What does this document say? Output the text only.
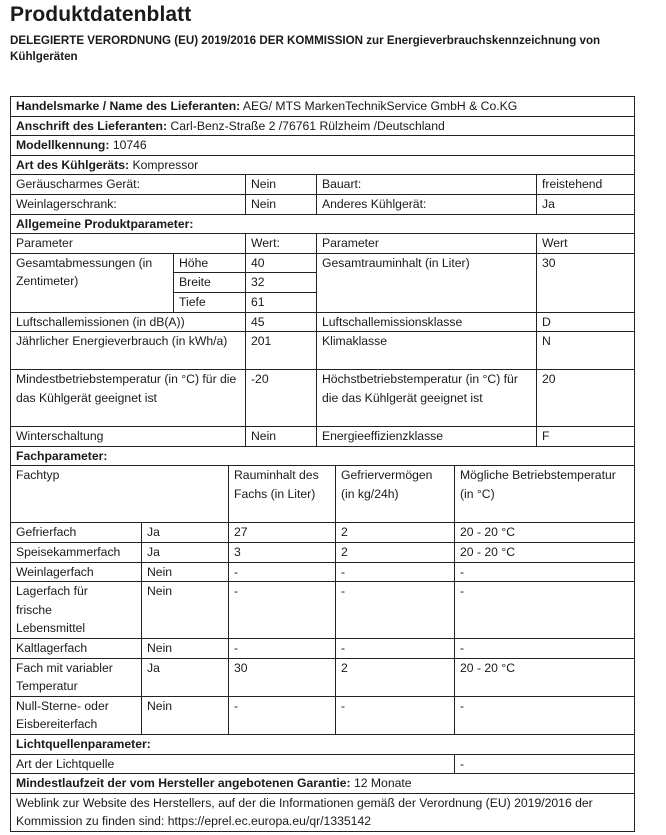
Produktdatenblatt
DELEGIERTE VERORDNUNG (EU) 2019/2016 DER KOMMISSION zur Energieverbrauchskennzeichnung von Kühlgeräten
Handelsmarke / Name des Lieferanten: AEG/ MTS MarkenTechnikService GmbH & Co.KG								
Anschrift des Lieferanten: Carl-Benz-Straße 2 /76761 Rülzheim /Deutschland								
Modellkennung: 10746								
Art des Kühlgeräts: Kompressor								
Geräuscharmes Gerät:				Nein	Bauart:			freistehend
Weinlagerschrank:				Nein	Anderes Kühlgerät:			Ja
Allgemeine Produktparameter:								
Parameter				Wert:	Parameter			Wert
Gesamtabmessungen (in Zentimeter)		Höhe		40	Gesamtrauminhalt (in Liter)			30
		Breite		32				
		Tiefe		61				
Luftschallemissionen (in dB(A))				45	Luftschallemissionsklasse			D
Jährlicher Energieverbrauch (in kWh/a)				201	Klimaklasse			N
Mindestbetriebstemperatur (in °C) für die das Kühlgerät geeignet ist				-20	Höchstbetriebstemperatur (in °C) für die das Kühlgerät geeignet ist			20
Winterschaltung				Nein	Energieeffizienzklasse			F
Fachparameter:								
Fachtyp			Rauminhalt des Fachs (in Liter)			Gefriervermögen (in kg/24h)	Mögliche Betriebstemperatur (in °C)	
Gefrierfach	Ja		27			2	20 - 20 °C	
Speisekammerfach	Ja		3			2	20 - 20 °C	
Weinlagerfach	Nein		-			-	-	
Lagerfach für frische Lebensmittel	Nein		-			-	-	
Kaltlagerfach	Nein		-			-	-	
Fach mit variabler Temperatur	Ja		30			2	20 - 20 °C	
Null-Sterne- oder Eisbereiterfach	Nein		-			-	-	
Lichtquellenparameter:								
Art der Lichtquelle							-	
Mindestlaufzeit der vom Hersteller angebotenen Garantie: 12 Monate								
Weblink zur Website des Herstellers, auf der die Informationen gemäß der Verordnung (EU) 2019/2016 der Kommission zu finden sind: https://eprel.ec.europa.eu/qr/1335142								
